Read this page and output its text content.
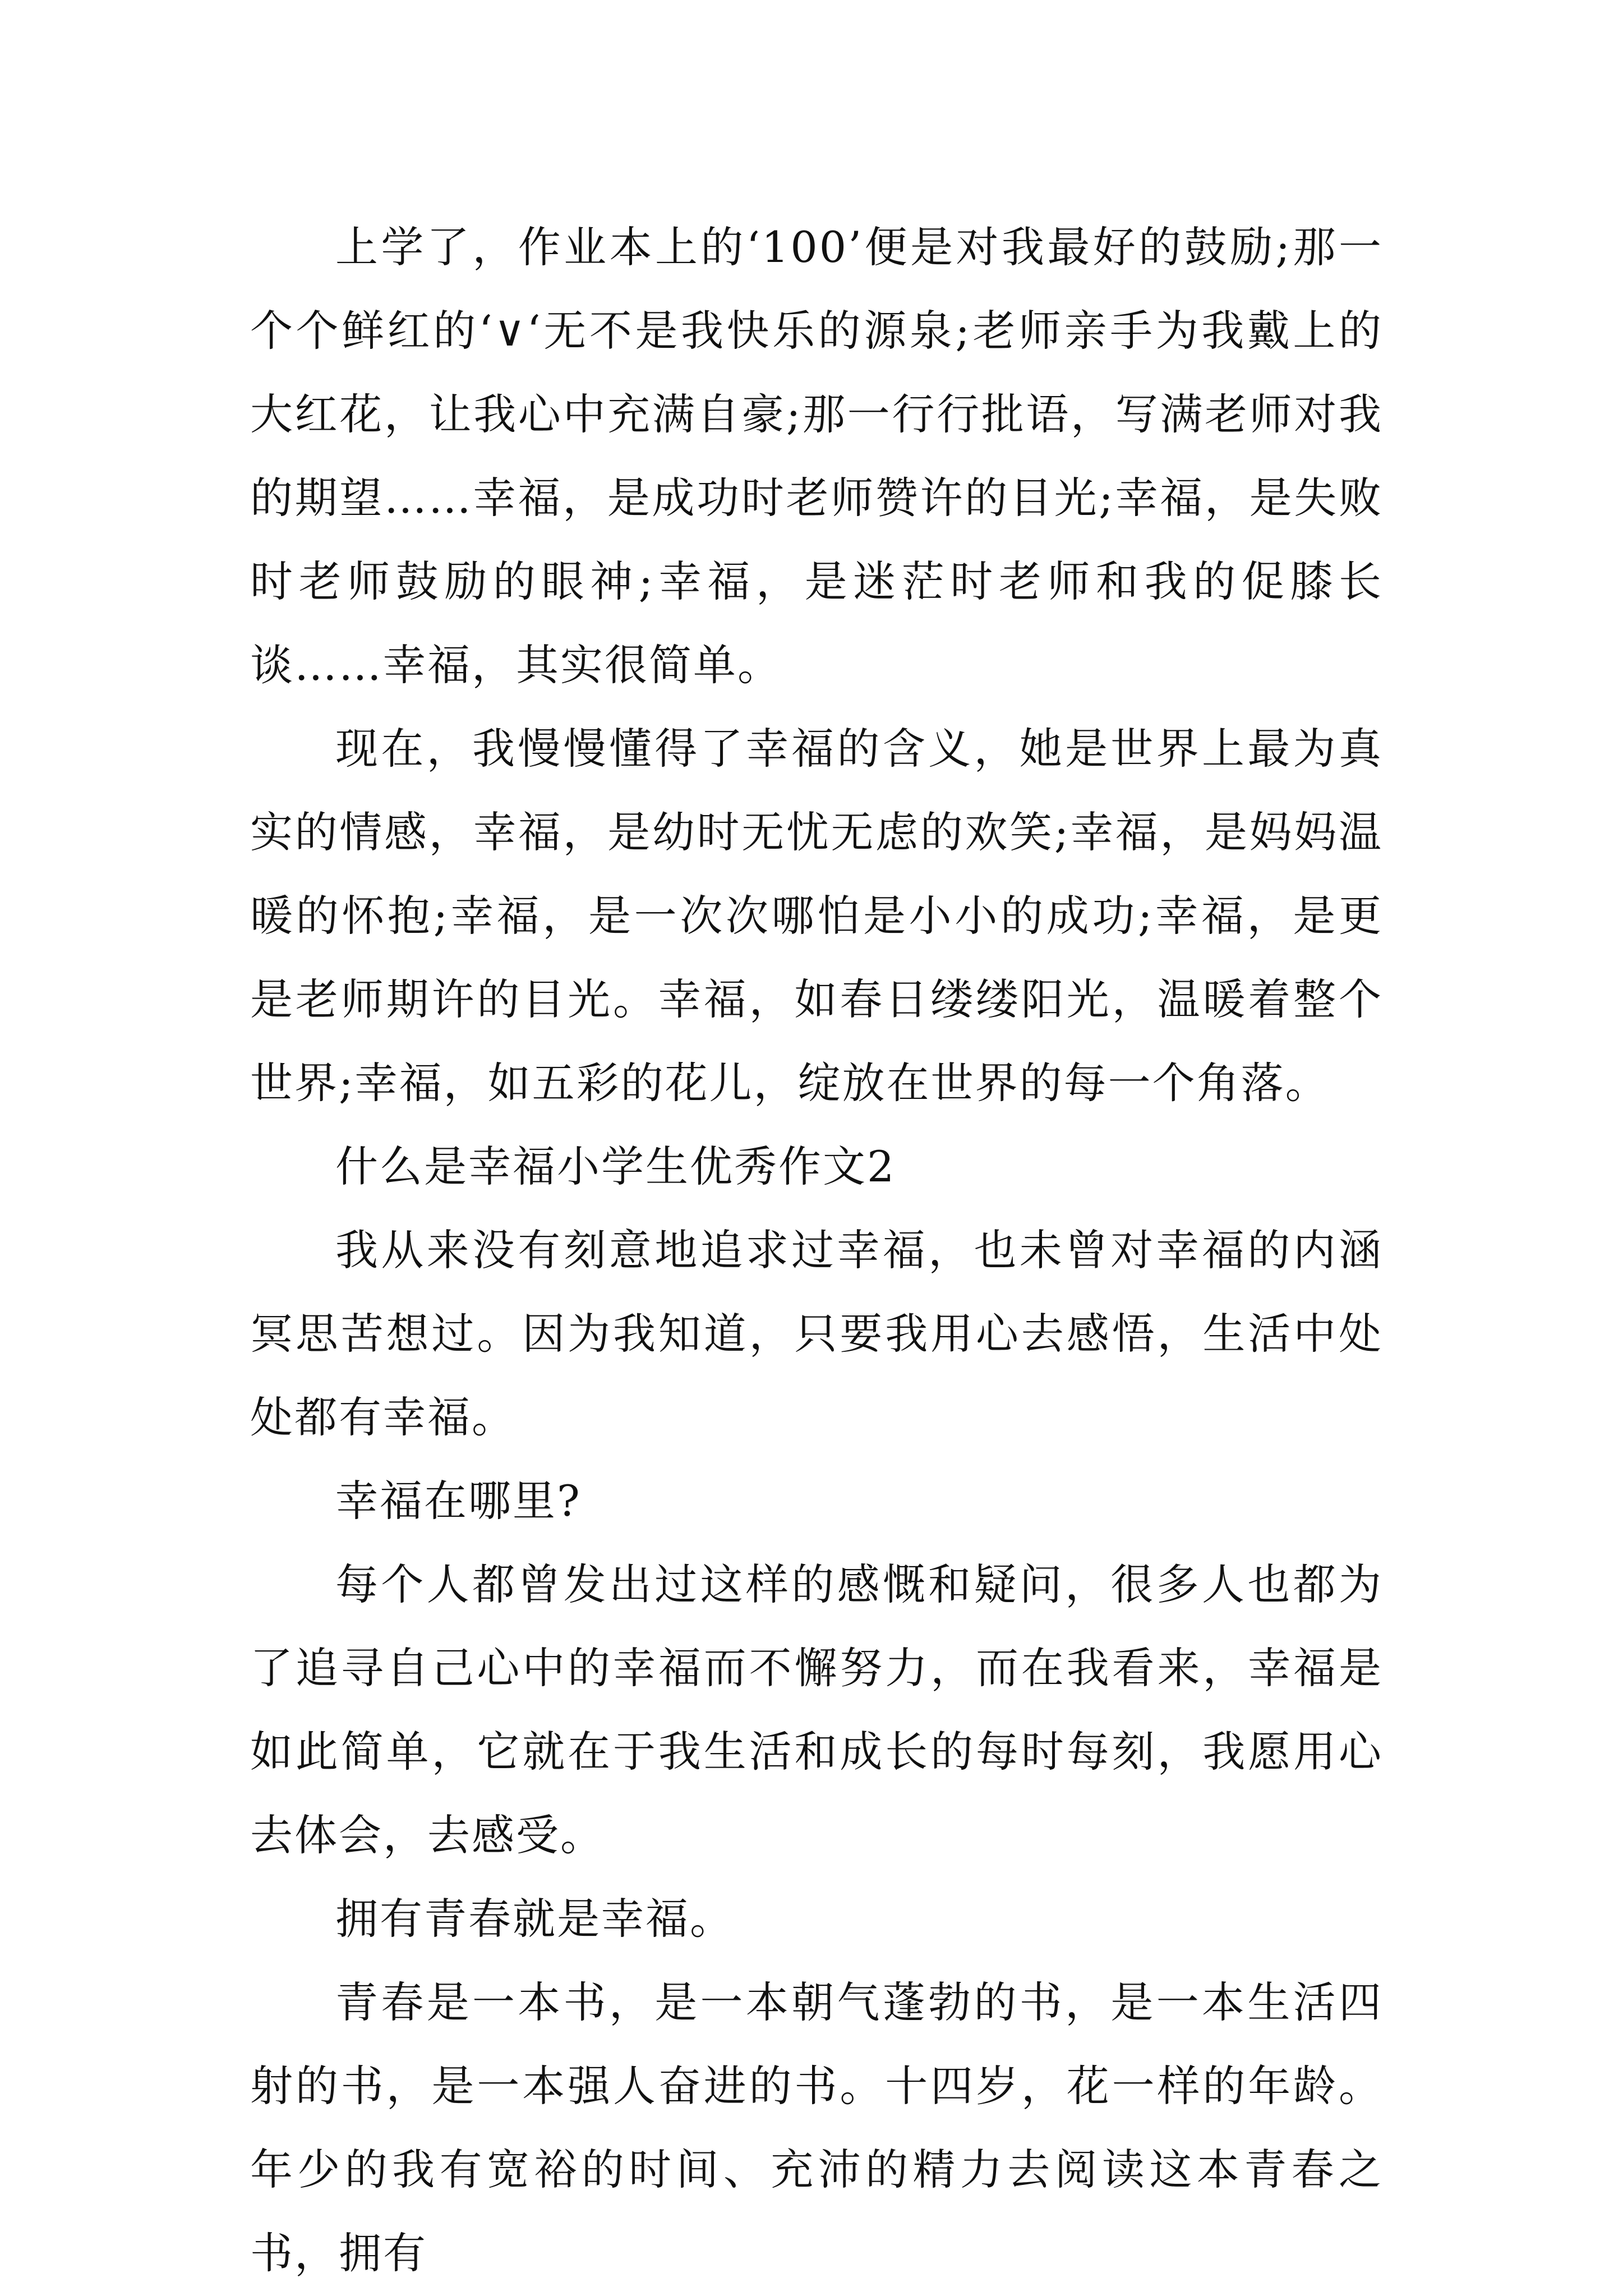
上学了，作业本上的‘100’便是对我最好的鼓励;那一个个鲜红的‘∨‘无不是我快乐的源泉;老师亲手为我戴上的大红花，让我心中充满自豪;那一行行批语，写满老师对我的期望……幸福，是成功时老师赞许的目光;幸福，是失败时老师鼓励的眼神;幸福，是迷茫时老师和我的促膝长谈……幸福，其实很简单。

现在，我慢慢懂得了幸福的含义，她是世界上最为真实的情感，幸福，是幼时无忧无虑的欢笑;幸福，是妈妈温暖的怀抱;幸福，是一次次哪怕是小小的成功;幸福，是更是老师期许的目光。幸福，如春日缕缕阳光，温暖着整个世界;幸福，如五彩的花儿，绽放在世界的每一个角落。

什么是幸福小学生优秀作文2

我从来没有刻意地追求过幸福，也未曾对幸福的内涵冥思苦想过。因为我知道，只要我用心去感悟，生活中处处都有幸福。

幸福在哪里?

每个人都曾发出过这样的感慨和疑问，很多人也都为了追寻自己心中的幸福而不懈努力，而在我看来，幸福是如此简单，它就在于我生活和成长的每时每刻，我愿用心去体会，去感受。

拥有青春就是幸福。

青春是一本书，是一本朝气蓬勃的书，是一本生活四射的书，是一本强人奋进的书。十四岁，花一样的年龄。年少的我有宽裕的时间、充沛的精力去阅读这本青春之书，拥有
